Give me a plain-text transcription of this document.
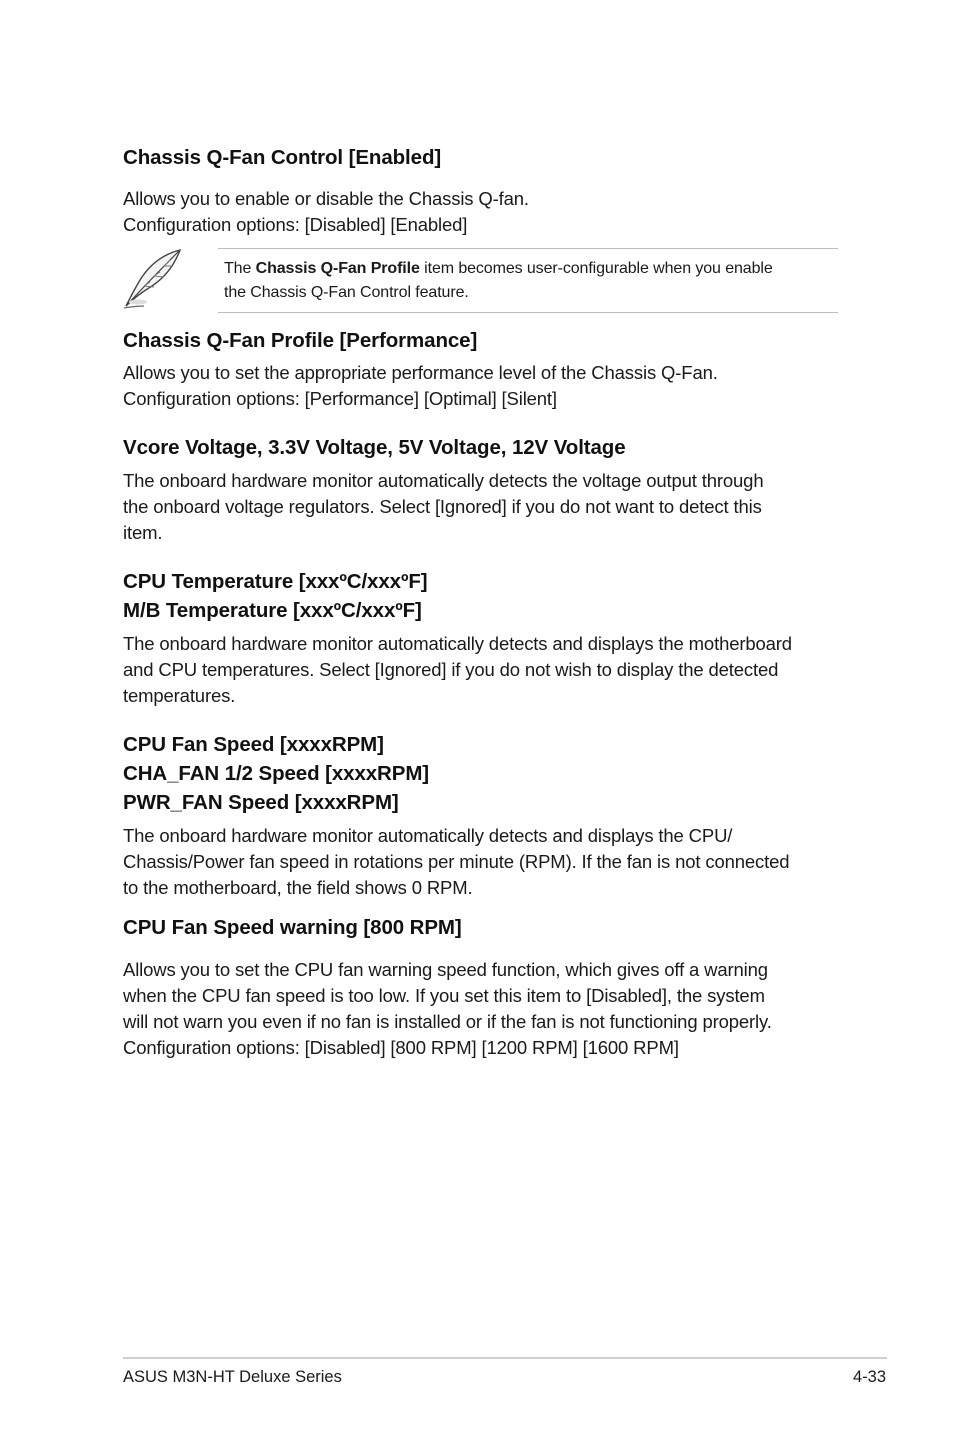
Chassis Q-Fan Control [Enabled]

Allows you to enable or disable the Chassis Q-fan.
Configuration options: [Disabled] [Enabled]

The Chassis Q-Fan Profile item becomes user-configurable when you enable
the Chassis Q-Fan Control feature.
Chassis Q-Fan Profile [Performance]

Allows you to set the appropriate performance level of the Chassis Q-Fan.
Configuration options: [Performance] [Optimal] [Silent]

Vcore Voltage, 3.3V Voltage, 5V Voltage, 12V Voltage

The onboard hardware monitor automatically detects the voltage output through
the onboard voltage regulators. Select [Ignored] if you do not want to detect this
item.

CPU Temperature [xxxºC/xxxºF]
M/B Temperature [xxxºC/xxxºF]

The onboard hardware monitor automatically detects and displays the motherboard
and CPU temperatures. Select [Ignored] if you do not wish to display the detected
temperatures.

CPU Fan Speed [xxxxRPM]
CHA_FAN 1/2 Speed [xxxxRPM]
PWR_FAN Speed [xxxxRPM]

The onboard hardware monitor automatically detects and displays the CPU/
Chassis/Power fan speed in rotations per minute (RPM). If the fan is not connected
to the motherboard, the field shows 0 RPM.

CPU Fan Speed warning [800 RPM]

Allows you to set the CPU fan warning speed function, which gives off a warning
when the CPU fan speed is too low. If you set this item to [Disabled], the system
will not warn you even if no fan is installed or if the fan is not functioning properly.
Configuration options: [Disabled] [800 RPM] [1200 RPM] [1600 RPM]

ASUS M3N-HT Deluxe Series	4-33
